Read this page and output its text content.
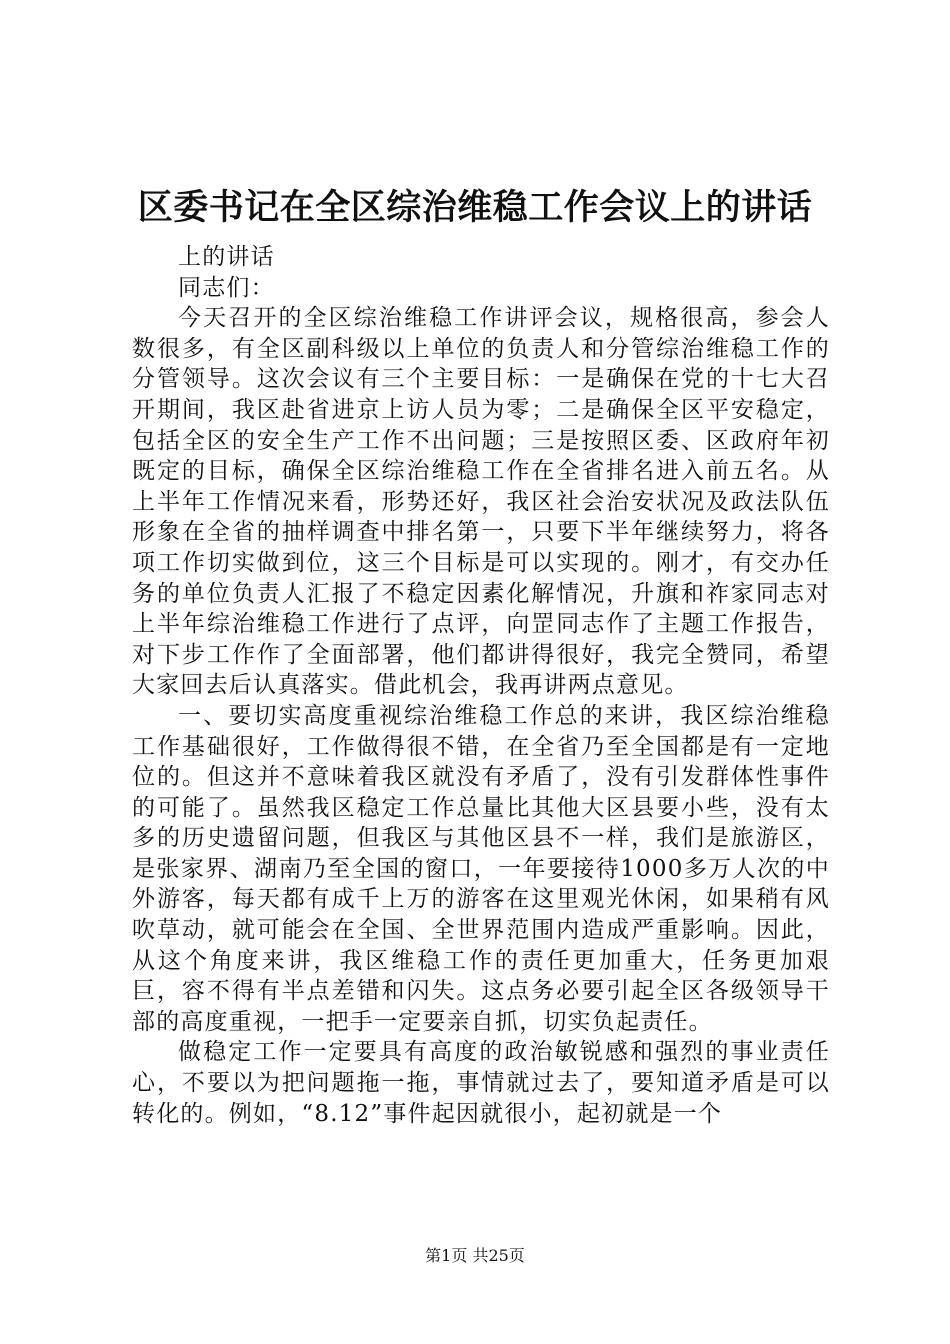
区委书记在全区综治维稳工作会议上的讲话

上的讲话

同志们：

今天召开的全区综治维稳工作讲评会议，规格很高，参会人数很多，有全区副科级以上单位的负责人和分管综治维稳工作的分管领导。这次会议有三个主要目标：一是确保在党的十七大召开期间，我区赴省进京上访人员为零；二是确保全区平安稳定，包括全区的安全生产工作不出问题；三是按照区委、区政府年初既定的目标，确保全区综治维稳工作在全省排名进入前五名。从上半年工作情况来看，形势还好，我区社会治安状况及政法队伍形象在全省的抽样调查中排名第一，只要下半年继续努力，将各项工作切实做到位，这三个目标是可以实现的。刚才，有交办任务的单位负责人汇报了不稳定因素化解情况，升旗和祚家同志对上半年综治维稳工作进行了点评，向罡同志作了主题工作报告，对下步工作作了全面部署，他们都讲得很好，我完全赞同，希望大家回去后认真落实。借此机会，我再讲两点意见。

一、要切实高度重视综治维稳工作总的来讲，我区综治维稳工作基础很好，工作做得很不错，在全省乃至全国都是有一定地位的。但这并不意味着我区就没有矛盾了，没有引发群体性事件的可能了。虽然我区稳定工作总量比其他大区县要小些，没有太多的历史遗留问题，但我区与其他区县不一样，我们是旅游区，是张家界、湖南乃至全国的窗口，一年要接待1000多万人次的中外游客，每天都有成千上万的游客在这里观光休闲，如果稍有风吹草动，就可能会在全国、全世界范围内造成严重影响。因此，从这个角度来讲，我区维稳工作的责任更加重大，任务更加艰巨，容不得有半点差错和闪失。这点务必要引起全区各级领导干部的高度重视，一把手一定要亲自抓，切实负起责任。

做稳定工作一定要具有高度的政治敏锐感和强烈的事业责任心，不要以为把问题拖一拖，事情就过去了，要知道矛盾是可以转化的。例如，“8.12”事件起因就很小，起初就是一个

第1页 共25页
